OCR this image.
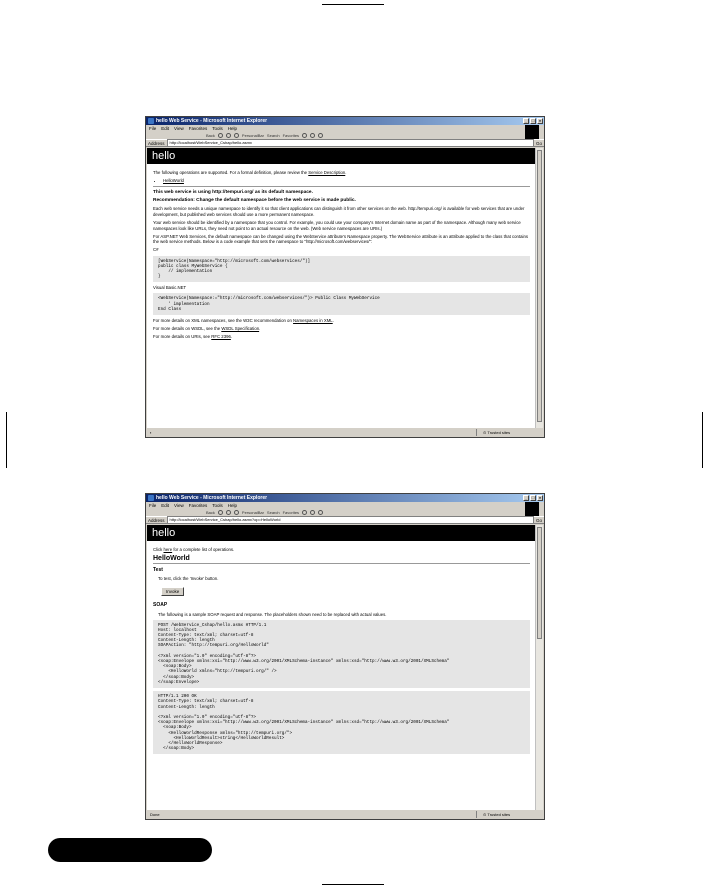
hello Web Service - Microsoft Internet Explorer	_	□	×
File Edit View Favorites Tools Help
Back	PersonalBar Search Favorites
Address	http://localhost/WebService_Cshap/hello.asmx	Go
hello

The following operations are supported. For a formal definition, please review the Service Description.

• HelloWorld

This web service is using http://tempuri.org/ as its default namespace.

Recommendation: Change the default namespace before the web service is made public.

Each web service needs a unique namespace to identify it so that client applications can distinguish it from other services on the web. http://tempuri.org/ is available for web services that are under development, but published web services should use a more permanent namespace.

Your web service should be identified by a namespace that you control. For example, you could use your company's Internet domain name as part of the namespace. Although many web service namespaces look like URLs, they need not point to an actual resource on the web. (Web service namespaces are URIs.)

For ASP.NET Web Services, the default namespace can be changed using the WebService attribute's Namespace property. The WebService attribute is an attribute applied to the class that contains the web service methods. Below is a code example that sets the namespace to "http://microsoft.com/webservices/":

C#

[WebService(Namespace="http://microsoft.com/webservices/")]
public class MyWebService {
// implementation
}

Visual Basic.NET

<WebService(Namespace:="http://microsoft.com/webservices/")> Public Class MyWebService
' implementation
End Class

For more details on XML namespaces, see the W3C recommendation on Namespaces in XML.

For more details on WSDL, see the WSDL Specification.

For more details on URIs, see RFC 2396.

▪	⊙ Trusted sites
hello Web Service - Microsoft Internet Explorer	_	□	×
File Edit View Favorites Tools Help
Back	PersonalBar Search Favorites
Address	http://localhost/WebService_Cshap/hello.asmx?op=HelloWorld	Go
hello

Click here for a complete list of operations.

HelloWorld
Test

To test, click the 'Invoke' button.

Invoke
SOAP

The following is a sample SOAP request and response. The placeholders shown need to be replaced with actual values.

POST /WebService_Cshap/hello.asmx HTTP/1.1
Host: localhost
Content-Type: text/xml; charset=utf-8
Content-Length: length
SOAPAction: "http://tempuri.org/HelloWorld"

<?xml version="1.0" encoding="utf-8"?>
<soap:Envelope xmlns:xsi="http://www.w3.org/2001/XMLSchema-instance" xmlns:xsd="http://www.w3.org/2001/XMLSchema"
<soap:Body>
<HelloWorld xmlns="http://tempuri.org/" />
</soap:Body>
</soap:Envelope>
HTTP/1.1 200 OK
Content-Type: text/xml; charset=utf-8
Content-Length: length

<?xml version="1.0" encoding="utf-8"?>
<soap:Envelope xmlns:xsi="http://www.w3.org/2001/XMLSchema-instance" xmlns:xsd="http://www.w3.org/2001/XMLSchema"
<soap:Body>
<HelloWorldResponse xmlns="http://tempuri.org/">
<HelloWorldResult>string</HelloWorldResult>
</HelloWorldResponse>
</soap:Body>
Done	⊙ Trusted sites
